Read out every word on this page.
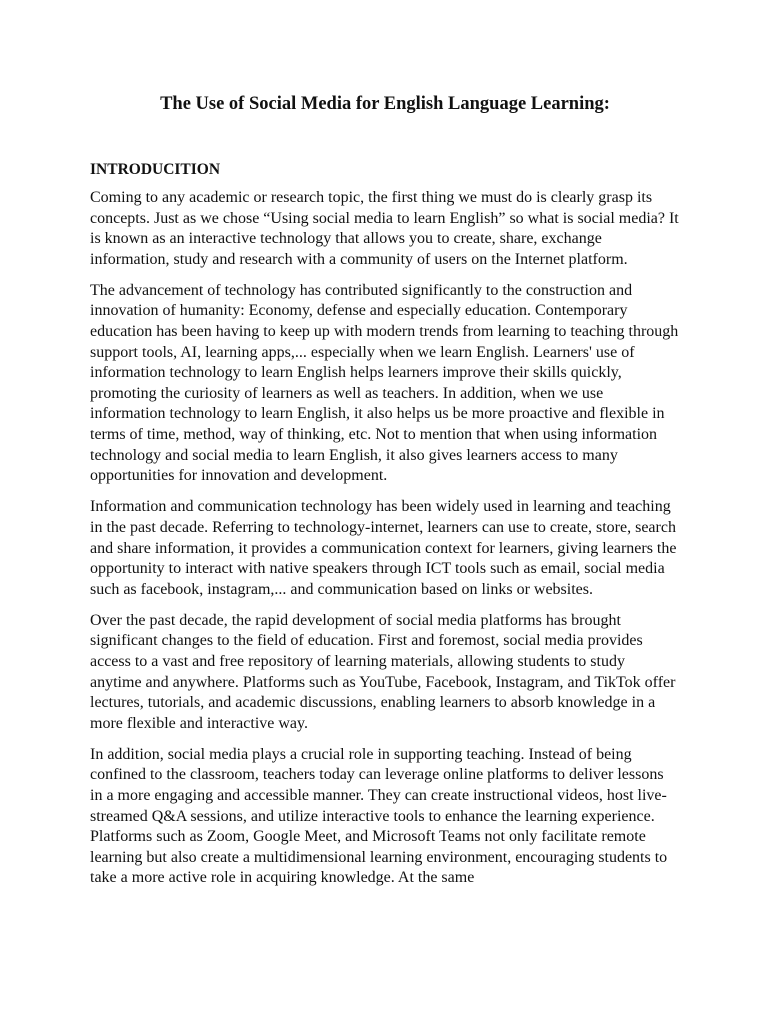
The Use of Social Media for English Language Learning:
INTRODUCITION

Coming to any academic or research topic, the first thing we must do is clearly grasp its concepts. Just as we chose “Using social media to learn English” so what is social media? It is known as an interactive technology that allows you to create, share, exchange information, study and research with a community of users on the Internet platform.

The advancement of technology has contributed significantly to the construction and innovation of humanity: Economy, defense and especially education. Contemporary education has been having to keep up with modern trends from learning to teaching through support tools, AI, learning apps,... especially when we learn English. Learners' use of information technology to learn English helps learners improve their skills quickly, promoting the curiosity of learners as well as teachers. In addition, when we use information technology to learn English, it also helps us be more proactive and flexible in terms of time, method, way of thinking, etc. Not to mention that when using information technology and social media to learn English, it also gives learners access to many opportunities for innovation and development.

Information and communication technology has been widely used in learning and teaching in the past decade. Referring to technology-internet, learners can use to create, store, search and share information, it provides a communication context for learners, giving learners the opportunity to interact with native speakers through ICT tools such as email, social media such as facebook, instagram,... and communication based on links or websites.

Over the past decade, the rapid development of social media platforms has brought significant changes to the field of education. First and foremost, social media provides access to a vast and free repository of learning materials, allowing students to study anytime and anywhere. Platforms such as YouTube, Facebook, Instagram, and TikTok offer lectures, tutorials, and academic discussions, enabling learners to absorb knowledge in a more flexible and interactive way.

In addition, social media plays a crucial role in supporting teaching. Instead of being confined to the classroom, teachers today can leverage online platforms to deliver lessons in a more engaging and accessible manner. They can create instructional videos, host live-streamed Q&A sessions, and utilize interactive tools to enhance the learning experience. Platforms such as Zoom, Google Meet, and Microsoft Teams not only facilitate remote learning but also create a multidimensional learning environment, encouraging students to take a more active role in acquiring knowledge. At the same
